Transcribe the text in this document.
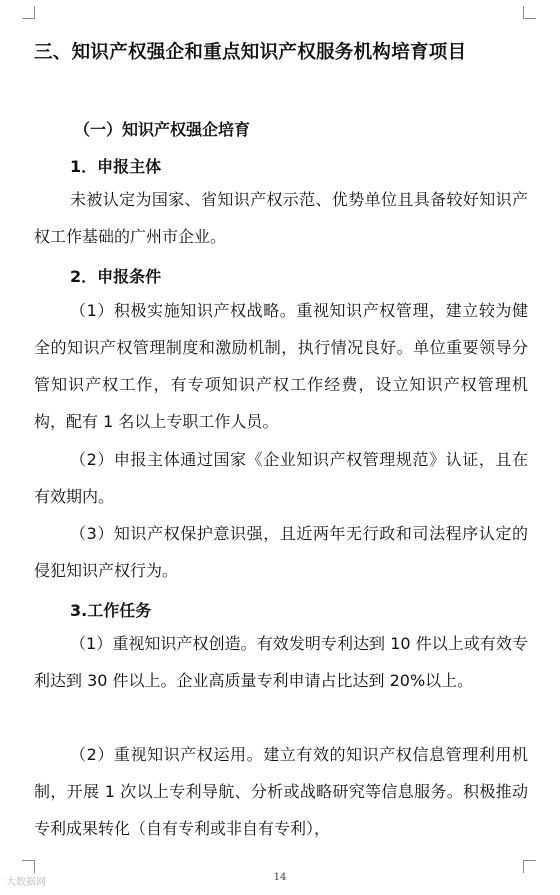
三、知识产权强企和重点知识产权服务机构培育项目
（一）知识产权强企培育
1．申报主体
未被认定为国家、省知识产权示范、优势单位且具备较好知识产权工作基础的广州市企业。
2．申报条件
（1）积极实施知识产权战略。重视知识产权管理，建立较为健全的知识产权管理制度和激励机制，执行情况良好。单位重要领导分管知识产权工作，有专项知识产权工作经费，设立知识产权管理机构，配有 1 名以上专职工作人员。
（2）申报主体通过国家《企业知识产权管理规范》认证，且在有效期内。
（3）知识产权保护意识强，且近两年无行政和司法程序认定的侵犯知识产权行为。
3.工作任务
（1）重视知识产权创造。有效发明专利达到 10 件以上或有效专利达到 30 件以上。企业高质量专利申请占比达到 20%以上。
（2）重视知识产权运用。建立有效的知识产权信息管理利用机制，开展 1 次以上专利导航、分析或战略研究等信息服务。积极推动专利成果转化（自有专利或非自有专利），
14
大数据网
